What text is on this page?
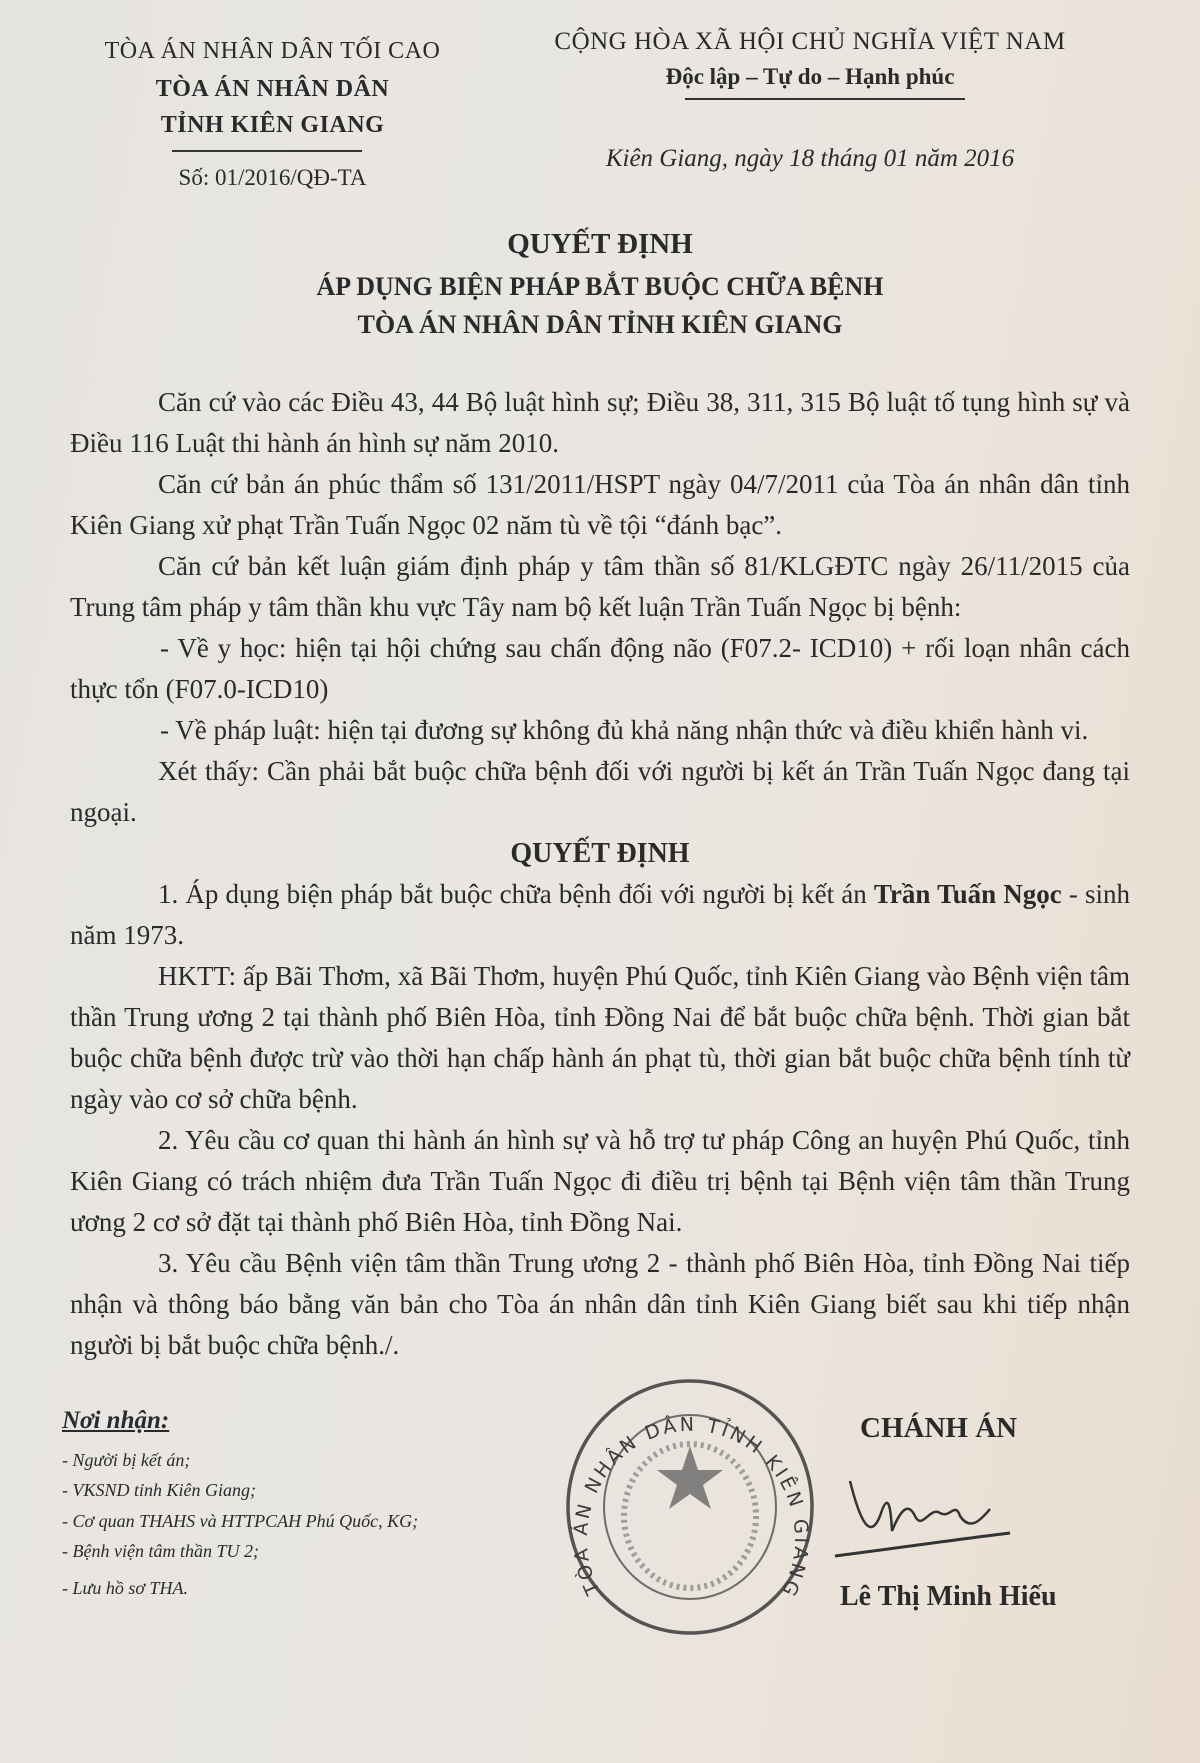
TÒA ÁN NHÂN DÂN TỐI CAO
TÒA ÁN NHÂN DÂN
TỈNH KIÊN GIANG
Số: 01/2016/QĐ-TA
CỘNG HÒA XÃ HỘI CHỦ NGHĨA VIỆT NAM
Độc lập – Tự do – Hạnh phúc
Kiên Giang, ngày 18 tháng 01 năm 2016
QUYẾT ĐỊNH
ÁP DỤNG BIỆN PHÁP BẮT BUỘC CHỮA BỆNH
TÒA ÁN NHÂN DÂN TỈNH KIÊN GIANG

Căn cứ vào các Điều 43, 44 Bộ luật hình sự; Điều 38, 311, 315 Bộ luật tố tụng hình sự và Điều 116 Luật thi hành án hình sự năm 2010.

Căn cứ bản án phúc thẩm số 131/2011/HSPT ngày 04/7/2011 của Tòa án nhân dân tỉnh Kiên Giang xử phạt Trần Tuấn Ngọc 02 năm tù về tội “đánh bạc”.

Căn cứ bản kết luận giám định pháp y tâm thần số 81/KLGĐTC ngày 26/11/2015 của Trung tâm pháp y tâm thần khu vực Tây nam bộ kết luận Trần Tuấn Ngọc bị bệnh:

- Về y học: hiện tại hội chứng sau chấn động não (F07.2- ICD10) + rối loạn nhân cách thực tổn (F07.0-ICD10)

- Về pháp luật: hiện tại đương sự không đủ khả năng nhận thức và điều khiển hành vi.

Xét thấy: Cần phải bắt buộc chữa bệnh đối với người bị kết án Trần Tuấn Ngọc đang tại ngoại.

QUYẾT ĐỊNH

1. Áp dụng biện pháp bắt buộc chữa bệnh đối với người bị kết án Trần Tuấn Ngọc - sinh năm 1973.

HKTT: ấp Bãi Thơm, xã Bãi Thơm, huyện Phú Quốc, tỉnh Kiên Giang vào Bệnh viện tâm thần Trung ương 2 tại thành phố Biên Hòa, tỉnh Đồng Nai để bắt buộc chữa bệnh. Thời gian bắt buộc chữa bệnh được trừ vào thời hạn chấp hành án phạt tù, thời gian bắt buộc chữa bệnh tính từ ngày vào cơ sở chữa bệnh.

2. Yêu cầu cơ quan thi hành án hình sự và hỗ trợ tư pháp Công an huyện Phú Quốc, tỉnh Kiên Giang có trách nhiệm đưa Trần Tuấn Ngọc đi điều trị bệnh tại Bệnh viện tâm thần Trung ương 2 cơ sở đặt tại thành phố Biên Hòa, tỉnh Đồng Nai.

3. Yêu cầu Bệnh viện tâm thần Trung ương 2 - thành phố Biên Hòa, tỉnh Đồng Nai tiếp nhận và thông báo bằng văn bản cho Tòa án nhân dân tỉnh Kiên Giang biết sau khi tiếp nhận người bị bắt buộc chữa bệnh./.

Nơi nhận:
- Người bị kết án;
- VKSND tỉnh Kiên Giang;
- Cơ quan THAHS và HTTPCAH Phú Quốc, KG;
- Bệnh viện tâm thần TU 2;
- Lưu hồ sơ THA.	TÒA ÁN NHÂN DÂN TỈNH KIÊN GIANG
CHÁNH ÁN
Lê Thị Minh Hiếu
